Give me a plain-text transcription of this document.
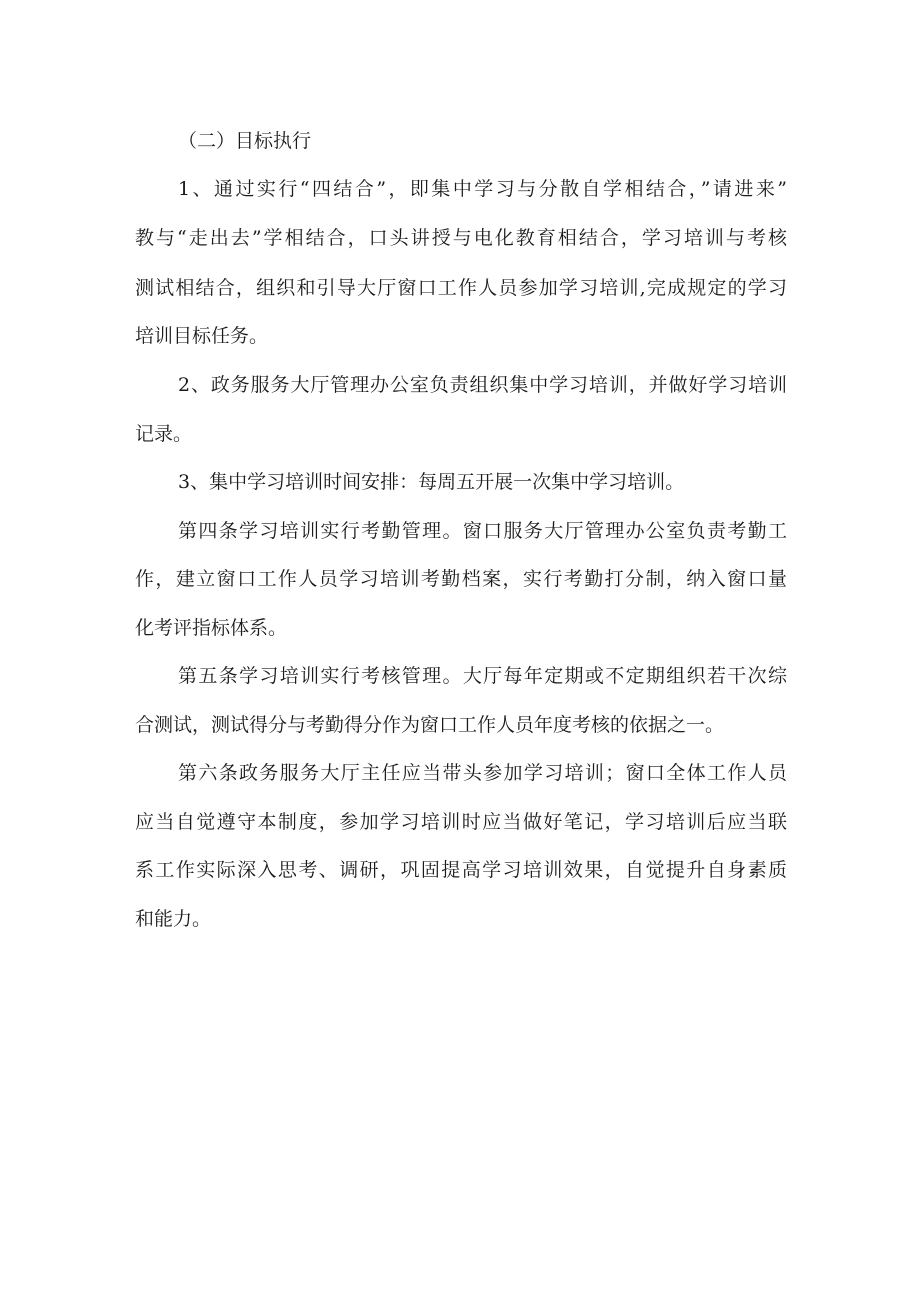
（二）目标执行
1、通过实行“四结合”，即集中学习与分散自学相结合，”请进来”
教与“走出去”学相结合，口头讲授与电化教育相结合，学习培训与考核
测试相结合，组织和引导大厅窗口工作人员参加学习培训,完成规定的学习
培训目标任务。
2、政务服务大厅管理办公室负责组织集中学习培训，并做好学习培训
记录。
3、集中学习培训时间安排：每周五开展一次集中学习培训。
第四条学习培训实行考勤管理。窗口服务大厅管理办公室负责考勤工
作，建立窗口工作人员学习培训考勤档案，实行考勤打分制，纳入窗口量
化考评指标体系。
第五条学习培训实行考核管理。大厅每年定期或不定期组织若干次综
合测试，测试得分与考勤得分作为窗口工作人员年度考核的依据之一。
第六条政务服务大厅主任应当带头参加学习培训；窗口全体工作人员
应当自觉遵守本制度，参加学习培训时应当做好笔记，学习培训后应当联
系工作实际深入思考、调研，巩固提高学习培训效果，自觉提升自身素质
和能力。
